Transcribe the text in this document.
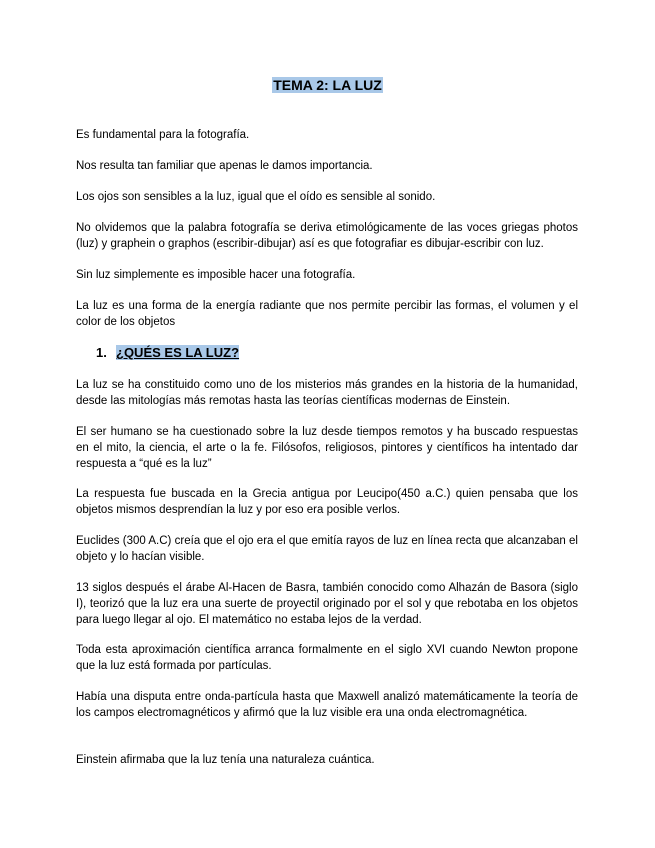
TEMA 2: LA LUZ

Es fundamental para la fotografía.

Nos resulta tan familiar que apenas le damos importancia.

Los ojos son sensibles a la luz, igual que el oído es sensible al sonido.

No olvidemos que la palabra fotografía se deriva etimológicamente de las voces griegas photos (luz) y graphein o graphos (escribir-dibujar) así es que fotografiar es dibujar-escribir con luz.

Sin luz simplemente es imposible hacer una fotografía.

La luz es una forma de la energía radiante que nos permite percibir las formas, el volumen y el color de los objetos

1. ¿QUÉS ES LA LUZ?

La luz se ha constituido como uno de los misterios más grandes en la historia de la humanidad, desde las mitologías más remotas hasta las teorías científicas modernas de Einstein.

El ser humano se ha cuestionado sobre la luz desde tiempos remotos y ha buscado respuestas en el mito, la ciencia, el arte o la fe. Filósofos, religiosos, pintores y científicos ha intentado dar respuesta a “qué es la luz”

La respuesta fue buscada en la Grecia antigua por Leucipo(450 a.C.) quien pensaba que los objetos mismos desprendían la luz y por eso era posible verlos.

Euclides (300 A.C) creía que el ojo era el que emitía rayos de luz en línea recta que alcanzaban el objeto y lo hacían visible.

13 siglos después el árabe Al-Hacen de Basra, también conocido como Alhazán de Basora (siglo I), teorizó que la luz era una suerte de proyectil originado por el sol y que rebotaba en los objetos para luego llegar al ojo. El matemático no estaba lejos de la verdad.

Toda esta aproximación científica arranca formalmente en el siglo XVI cuando Newton propone que la luz está formada por partículas.

Había una disputa entre onda-partícula hasta que Maxwell analizó matemáticamente la teoría de los campos electromagnéticos y afirmó que la luz visible era una onda electromagnética.

Einstein afirmaba que la luz tenía una naturaleza cuántica.
